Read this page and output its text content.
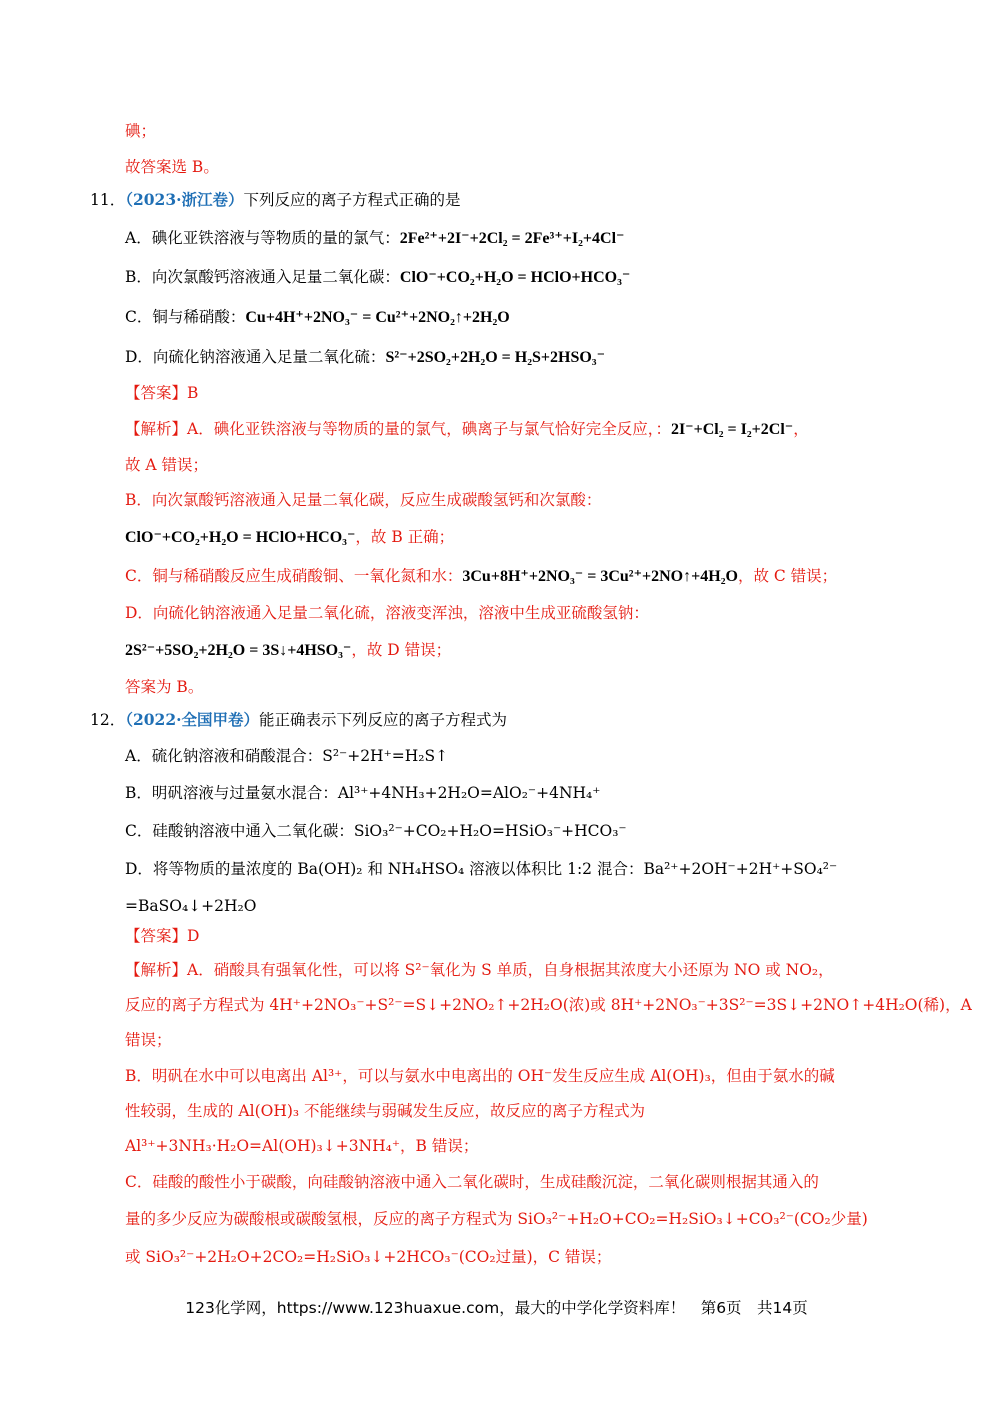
碘；
故答案选 B。
11．（2023·浙江卷）下列反应的离子方程式正确的是
A．碘化亚铁溶液与等物质的量的氯气：2Fe²⁺+2I⁻+2Cl₂ = 2Fe³⁺+I₂+4Cl⁻
B．向次氯酸钙溶液通入足量二氧化碳：ClO⁻+CO₂+H₂O = HClO+HCO₃⁻
C．铜与稀硝酸：Cu+4H⁺+2NO₃⁻ = Cu²⁺+2NO₂↑+2H₂O
D．向硫化钠溶液通入足量二氧化硫：S²⁻+2SO₂+2H₂O = H₂S+2HSO₃⁻
【答案】B
【解析】A．碘化亚铁溶液与等物质的量的氯气，碘离子与氯气恰好完全反应，：2I⁻+Cl₂ = I₂+2Cl⁻，
故 A 错误；
B．向次氯酸钙溶液通入足量二氧化碳，反应生成碳酸氢钙和次氯酸：
ClO⁻+CO₂+H₂O = HClO+HCO₃⁻，故 B 正确；
C．铜与稀硝酸反应生成硝酸铜、一氧化氮和水：3Cu+8H⁺+2NO₃⁻ = 3Cu²⁺+2NO↑+4H₂O，故 C 错误；
D．向硫化钠溶液通入足量二氧化硫，溶液变浑浊，溶液中生成亚硫酸氢钠：
2S²⁻+5SO₂+2H₂O = 3S↓+4HSO₃⁻，故 D 错误；
答案为 B。
12．（2022·全国甲卷）能正确表示下列反应的离子方程式为
A．硫化钠溶液和硝酸混合：S²⁻+2H⁺=H₂S↑
B．明矾溶液与过量氨水混合：Al³⁺+4NH₃+2H₂O=AlO₂⁻+4NH₄⁺
C．硅酸钠溶液中通入二氧化碳：SiO₃²⁻+CO₂+H₂O=HSiO₃⁻+HCO₃⁻
D．将等物质的量浓度的 Ba(OH)₂ 和 NH₄HSO₄ 溶液以体积比 1:2 混合：Ba²⁺+2OH⁻+2H⁺+SO₄²⁻
=BaSO₄↓+2H₂O
【答案】D
【解析】A．硝酸具有强氧化性，可以将 S²⁻氧化为 S 单质，自身根据其浓度大小还原为 NO 或 NO₂，
反应的离子方程式为 4H⁺+2NO₃⁻+S²⁻=S↓+2NO₂↑+2H₂O(浓)或 8H⁺+2NO₃⁻+3S²⁻=3S↓+2NO↑+4H₂O(稀)，A
错误；
B．明矾在水中可以电离出 Al³⁺，可以与氨水中电离出的 OH⁻发生反应生成 Al(OH)₃，但由于氨水的碱
性较弱，生成的 Al(OH)₃ 不能继续与弱碱发生反应，故反应的离子方程式为
Al³⁺+3NH₃·H₂O=Al(OH)₃↓+3NH₄⁺，B 错误；
C．硅酸的酸性小于碳酸，向硅酸钠溶液中通入二氧化碳时，生成硅酸沉淀，二氧化碳则根据其通入的
量的多少反应为碳酸根或碳酸氢根，反应的离子方程式为 SiO₃²⁻+H₂O+CO₂=H₂SiO₃↓+CO₃²⁻(CO₂少量)
或 SiO₃²⁻+2H₂O+2CO₂=H₂SiO₃↓+2HCO₃⁻(CO₂过量)，C 错误；
123化学网，https://www.123huaxue.com，最大的中学化学资料库！　第6页　共14页
